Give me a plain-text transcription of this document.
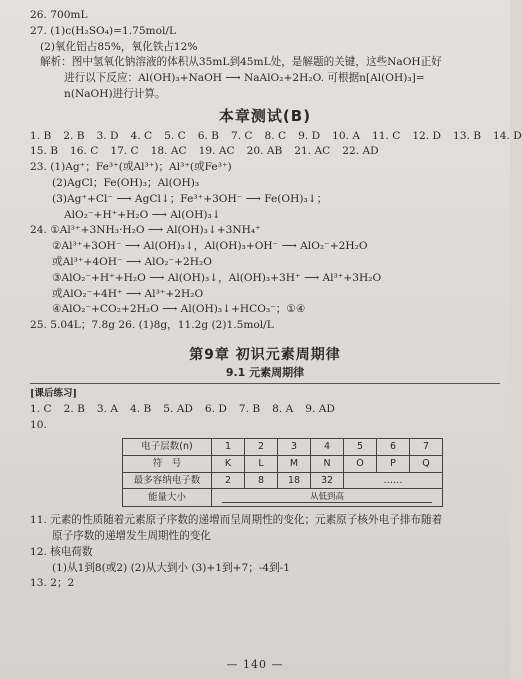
26. 700mL
27. (1)c(H₂SO₄)=1.75mol/L
(2)氧化铝占85%，氧化铁占12%
解析：图中氢氧化钠溶液的体积从35mL到45mL处，是解题的关键，这些NaOH正好
进行以下反应：Al(OH)₃+NaOH ⟶ NaAlO₂+2H₂O. 可根据n[Al(OH)₃]=
n(NaOH)进行计算。
本章测试(B)
1. B 2. B 3. D 4. C 5. C 6. B 7. C 8. C 9. D 10. A 11. C 12. D 13. B 14. D
15. B 16. C 17. C 18. AC 19. AC 20. AB 21. AC 22. AD
23. (1)Ag⁺；Fe³⁺(或Al³⁺)；Al³⁺(或Fe³⁺)
(2)AgCl；Fe(OH)₃；Al(OH)₃
(3)Ag⁺+Cl⁻ ⟶ AgCl↓；Fe³⁺+3OH⁻ ⟶ Fe(OH)₃↓；
AlO₂⁻+H⁺+H₂O ⟶ Al(OH)₃↓
24. ①Al³⁺+3NH₃·H₂O ⟶ Al(OH)₃↓+3NH₄⁺
②Al³⁺+3OH⁻ ⟶ Al(OH)₃↓，Al(OH)₃+OH⁻ ⟶ AlO₂⁻+2H₂O
或Al³⁺+4OH⁻ ⟶ AlO₂⁻+2H₂O
③AlO₂⁻+H⁺+H₂O ⟶ Al(OH)₃↓，Al(OH)₃+3H⁺ ⟶ Al³⁺+3H₂O
或AlO₂⁻+4H⁺ ⟶ Al³⁺+2H₂O
④AlO₂⁻+CO₂+2H₂O ⟶ Al(OH)₃↓+HCO₃⁻；①④
25. 5.04L；7.8g 26. (1)8g，11.2g (2)1.5mol/L
第9章 初识元素周期律
9.1 元素周期律
[课后练习]
1. C 2. B 3. A 4. B 5. AD 6. D 7. B 8. A 9. AD
10.
电子层数(n)	1	2	3	4	5	6	7
符　号	K	L	M	N	O	P	Q
最多容纳电子数	2	8	18	32	……		
能量大小	从低到高						
11. 元素的性质随着元素原子序数的递增而呈周期性的变化；元素原子核外电子排布随着
原子序数的递增发生周期性的变化
12. 核电荷数
(1)从1到8(或2) (2)从大到小 (3)+1到+7；-4到-1
13. 2；2
— 140 —
